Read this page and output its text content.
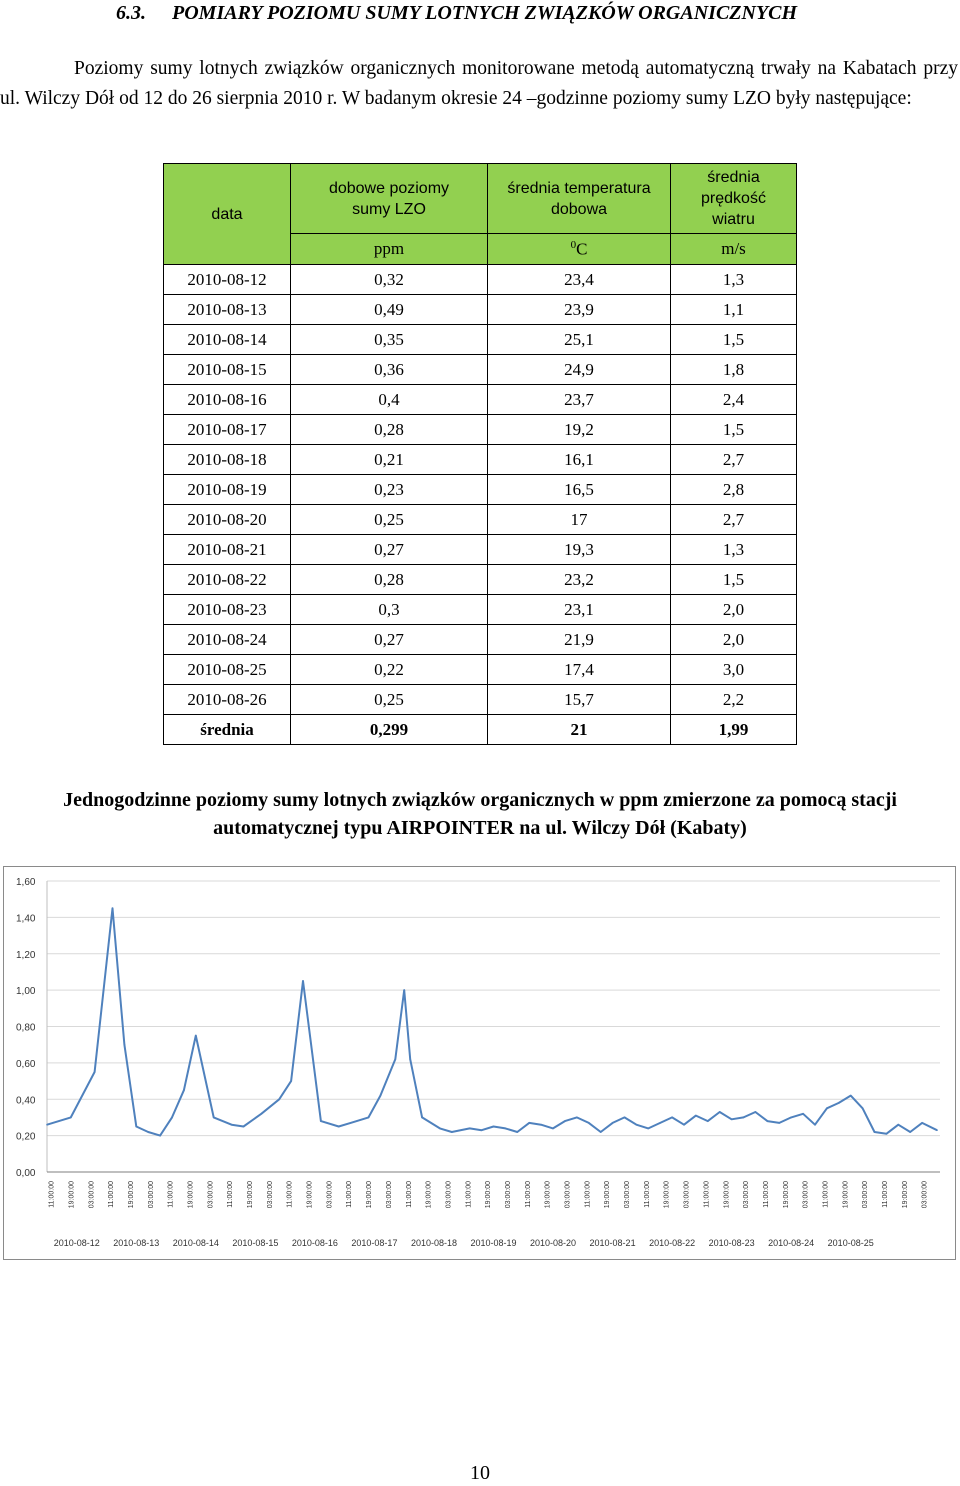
6.3. POMIARY POZIOMU SUMY LOTNYCH ZWIĄZKÓW ORGANICZNYCH
Poziomy sumy lotnych związków organicznych monitorowane metodą automatyczną trwały na Kabatach przy ul. Wilczy Dół od 12 do 26 sierpnia 2010 r. W badanym okresie 24 –godzinne poziomy sumy LZO były następujące:
data	dobowe poziomy sumy LZO	średnia temperatura dobowa	średnia prędkość wiatru

	ppm	$^0$C	m/s
2010-08-12	0,32	23,4	1,3
2010-08-13	0,49	23,9	1,1
2010-08-14	0,35	25,1	1,5
2010-08-15	0,36	24,9	1,8
2010-08-16	0,4	23,7	2,4
2010-08-17	0,28	19,2	1,5
2010-08-18	0,21	16,1	2,7
2010-08-19	0,23	16,5	2,8
2010-08-20	0,25	17	2,7
2010-08-21	0,27	19,3	1,3
2010-08-22	0,28	23,2	1,5
2010-08-23	0,3	23,1	2,0
2010-08-24	0,27	21,9	2,0
2010-08-25	0,22	17,4	3,0
2010-08-26	0,25	15,7	2,2
średnia	0,299	21	1,99
Jednogodzinne poziomy sumy lotnych związków organicznych w ppm zmierzone za pomocą stacji automatycznej typu AIRPOINTER na ul. Wilczy Dół (Kabaty)
1,60
1,40
1,20
1,00
0,80
0,60
0,40
0,20
0,00
11:00:00 19:00:00 03:00:00 11:00:00 19:00:00 03:00:00 11:00:00 19:00:00 03:00:00 11:00:00 19:00:00 03:00:00 11:00:00 19:00:00 03:00:00 11:00:00 19:00:00 03:00:00 11:00:00 19:00:00 03:00:00 11:00:00 19:00:00 03:00:00 11:00:00 19:00:00 03:00:00 11:00:00 19:00:00 03:00:00 11:00:00 19:00:00 03:00:00 11:00:00 19:00:00 03:00:00 11:00:00 19:00:00 03:00:00 11:00:00 19:00:00 03:00:00 11:00:00 19:00:00 03:00:00
2010-08-12 2010-08-13 2010-08-14 2010-08-15 2010-08-16 2010-08-17 2010-08-18 2010-08-19 2010-08-20 2010-08-21 2010-08-22 2010-08-23 2010-08-24 2010-08-25
10
